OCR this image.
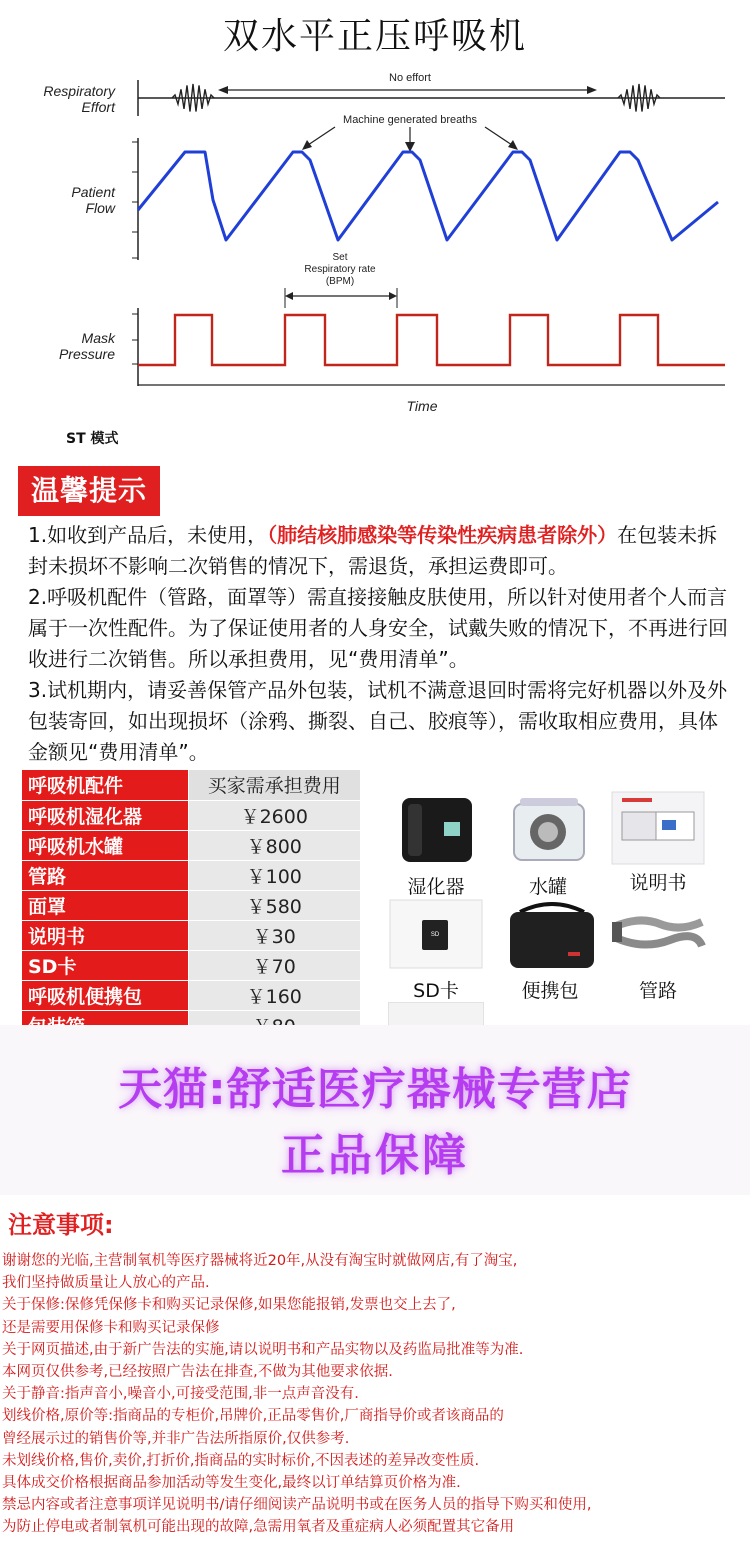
双水平正压呼吸机
Respiratory
Effort
No effort
Machine generated breaths
Patient
Flow
Set
Respiratory rate
(BPM)
Mask
Pressure
Time
ST 模式
温馨提示

1.如收到产品后，未使用，（肺结核肺感染等传染性疾病患者除外）在包装未拆封未损坏不影响二次销售的情况下，需退货，承担运费即可。

2.呼吸机配件（管路，面罩等）需直接接触皮肤使用，所以针对使用者个人而言属于一次性配件。为了保证使用者的人身安全，试戴失败的情况下，不再进行回收进行二次销售。所以承担费用，见“费用清单”。

3.试机期内，请妥善保管产品外包装，试机不满意退回时需将完好机器以外及外包装寄回，如出现损坏（涂鸦、撕裂、自己、胶痕等），需收取相应费用，具体金额见“费用清单”。

呼吸机配件	买家需承担费用
呼吸机湿化器	￥2600
呼吸机水罐	￥800
管路	￥100
面罩	￥580
说明书	￥30
SD卡	￥70
呼吸机便携包	￥160

湿化器	水罐	说明书
SD
SD卡	便携包	管路
天猫:舒适医疗器械专营店
正品保障
注意事项:
谢谢您的光临,主营制氧机等医疗器械将近20年,从没有淘宝时就做网店,有了淘宝,
我们坚持做质量让人放心的产品.
关于保修:保修凭保修卡和购买记录保修,如果您能报销,发票也交上去了,
还是需要用保修卡和购买记录保修
关于网页描述,由于新广告法的实施,请以说明书和产品实物以及药监局批准等为准.
本网页仅供参考,已经按照广告法在排查,不做为其他要求依据.
关于静音:指声音小,噪音小,可接受范围,非一点声音没有.
划线价格,原价等:指商品的专柜价,吊牌价,正品零售价,厂商指导价或者该商品的
曾经展示过的销售价等,并非广告法所指原价,仅供参考.
未划线价格,售价,卖价,打折价,指商品的实时标价,不因表述的差异改变性质.
具体成交价格根据商品参加活动等发生变化,最终以订单结算页价格为准.
禁忌内容或者注意事项详见说明书/请仔细阅读产品说明书或在医务人员的指导下购买和使用,
为防止停电或者制氧机可能出现的故障,急需用氧者及重症病人必须配置其它备用
